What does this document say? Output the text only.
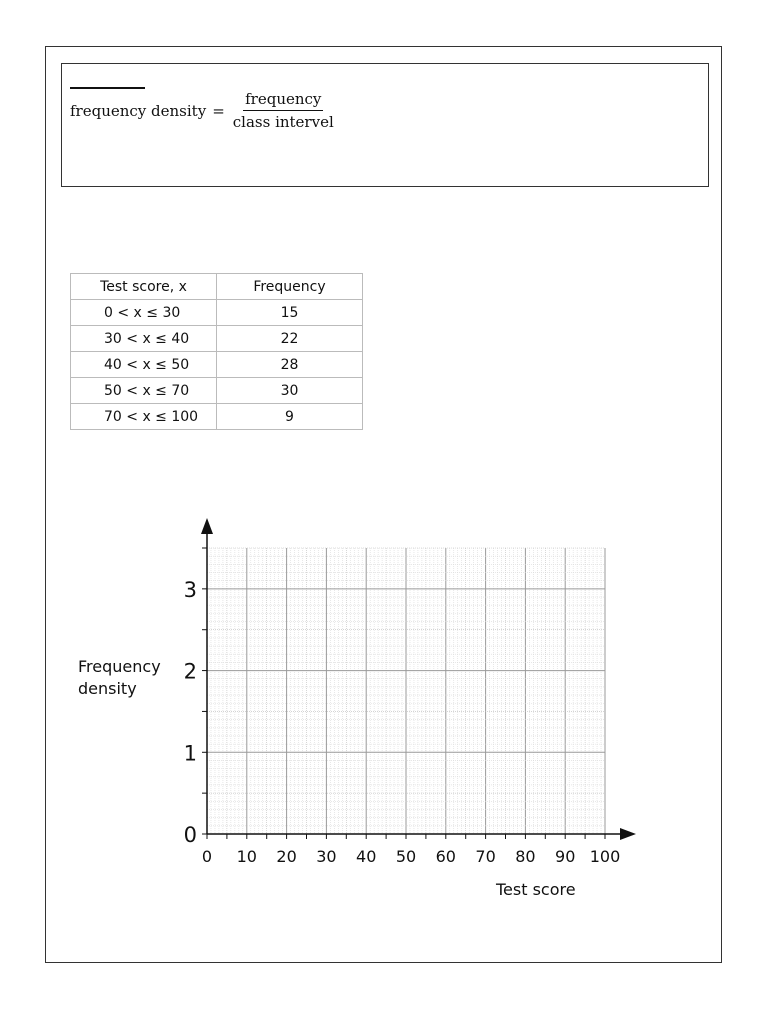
frequency density = $\frac{\text{frequency}}{\text{class intervel}}$
Test score, x	Frequency
0 < x ≤ 30	15
30 < x ≤ 40	22
40 < x ≤ 50	28
50 < x ≤ 70	30
70 < x ≤ 100	9
0
1
2
3
0 10 20 30 40 50 60 70 80 90 100
Frequency density
Test score
